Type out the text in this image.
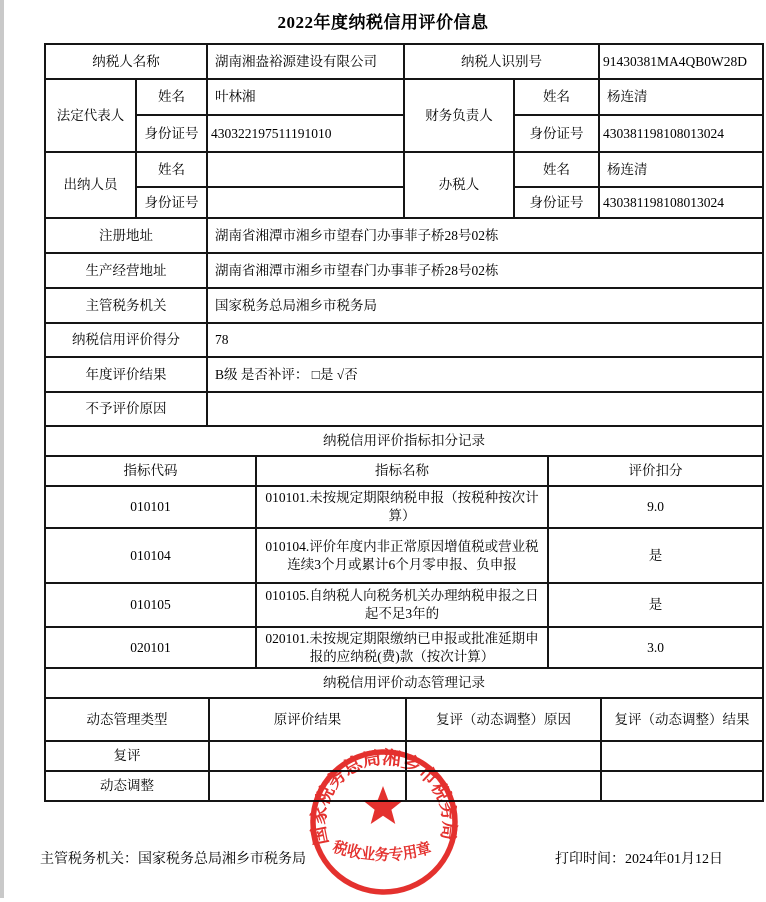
2022年度纳税信用评价信息
纳税人名称		湖南湘盎裕源建设有限公司	纳税人识别号		91430381MA4QB0W28D
法定代表人	姓名	叶林湘	财务负责人	姓名	杨连清
	身份证号	430322197511191010		身份证号	430381198108013024
出纳人员	姓名		办税人	姓名	杨连清
	身份证号			身份证号	430381198108013024
注册地址		湖南省湘潭市湘乡市望春门办事菲子桥28号02栋			
生产经营地址		湖南省湘潭市湘乡市望春门办事菲子桥28号02栋			
主管税务机关		国家税务总局湘乡市税务局			
纳税信用评价得分		78			
年度评价结果		B级 是否补评： □是 √否			
不予评价原因					
纳税信用评价指标扣分记录					
指标代码	指标名称	评价扣分
010101	010101.未按规定期限纳税申报（按税种按次计算）	9.0
010104	010104.评价年度内非正常原因增值税或营业税连续3个月或累计6个月零申报、负申报	是
010105	010105.自纳税人向税务机关办理纳税申报之日起不足3年的	是
020101	020101.未按规定期限缴纳已申报或批准延期申报的应纳税(费)款（按次计算）	3.0
纳税信用评价动态管理记录		
动态管理类型	原评价结果	复评（动态调整）原因	复评（动态调整）结果
复评			
动态调整			
主管税务机关：国家税务总局湘乡市税务局	打印时间：2024年01月12日
国家税务总局湘乡市税务局
税收业务专用章
